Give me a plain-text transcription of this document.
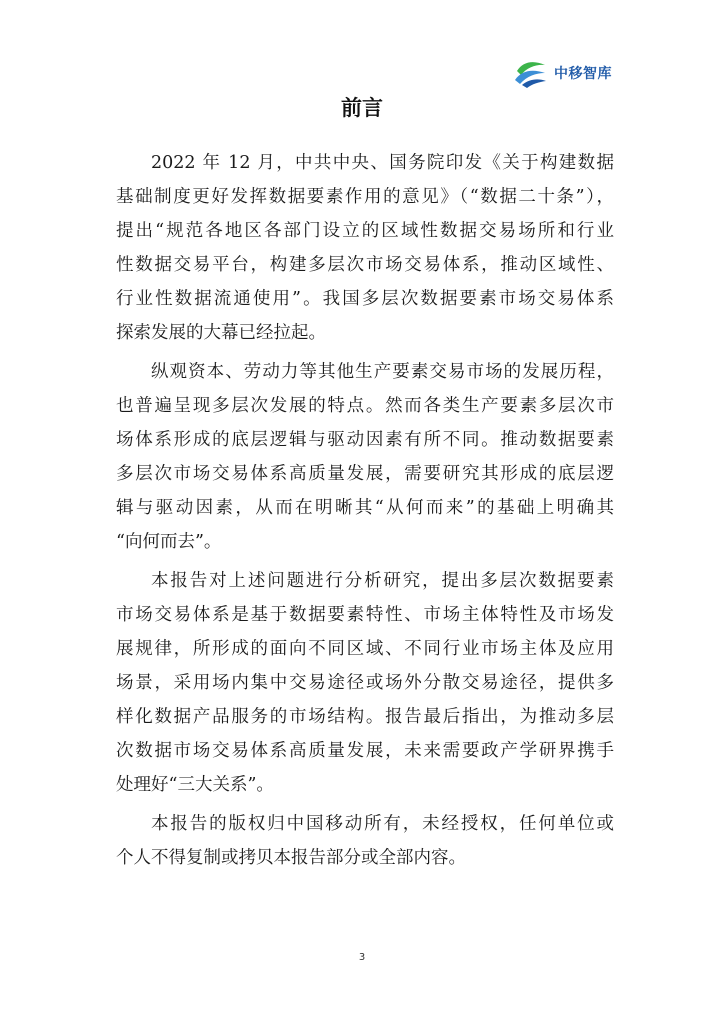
中移智库
前言
2022 年 12 月，中共中央、国务院印发《关于构建数据
基础制度更好发挥数据要素作用的意见》（“数据二十条”），
提出“规范各地区各部门设立的区域性数据交易场所和行业
性数据交易平台，构建多层次市场交易体系，推动区域性、
行业性数据流通使用”。我国多层次数据要素市场交易体系
探索发展的大幕已经拉起。
纵观资本、劳动力等其他生产要素交易市场的发展历程，
也普遍呈现多层次发展的特点。然而各类生产要素多层次市
场体系形成的底层逻辑与驱动因素有所不同。推动数据要素
多层次市场交易体系高质量发展，需要研究其形成的底层逻
辑与驱动因素，从而在明晰其“从何而来”的基础上明确其
“向何而去”。
本报告对上述问题进行分析研究，提出多层次数据要素
市场交易体系是基于数据要素特性、市场主体特性及市场发
展规律，所形成的面向不同区域、不同行业市场主体及应用
场景，采用场内集中交易途径或场外分散交易途径，提供多
样化数据产品服务的市场结构。报告最后指出，为推动多层
次数据市场交易体系高质量发展，未来需要政产学研界携手
处理好“三大关系”。
本报告的版权归中国移动所有，未经授权，任何单位或
个人不得复制或拷贝本报告部分或全部内容。
3
